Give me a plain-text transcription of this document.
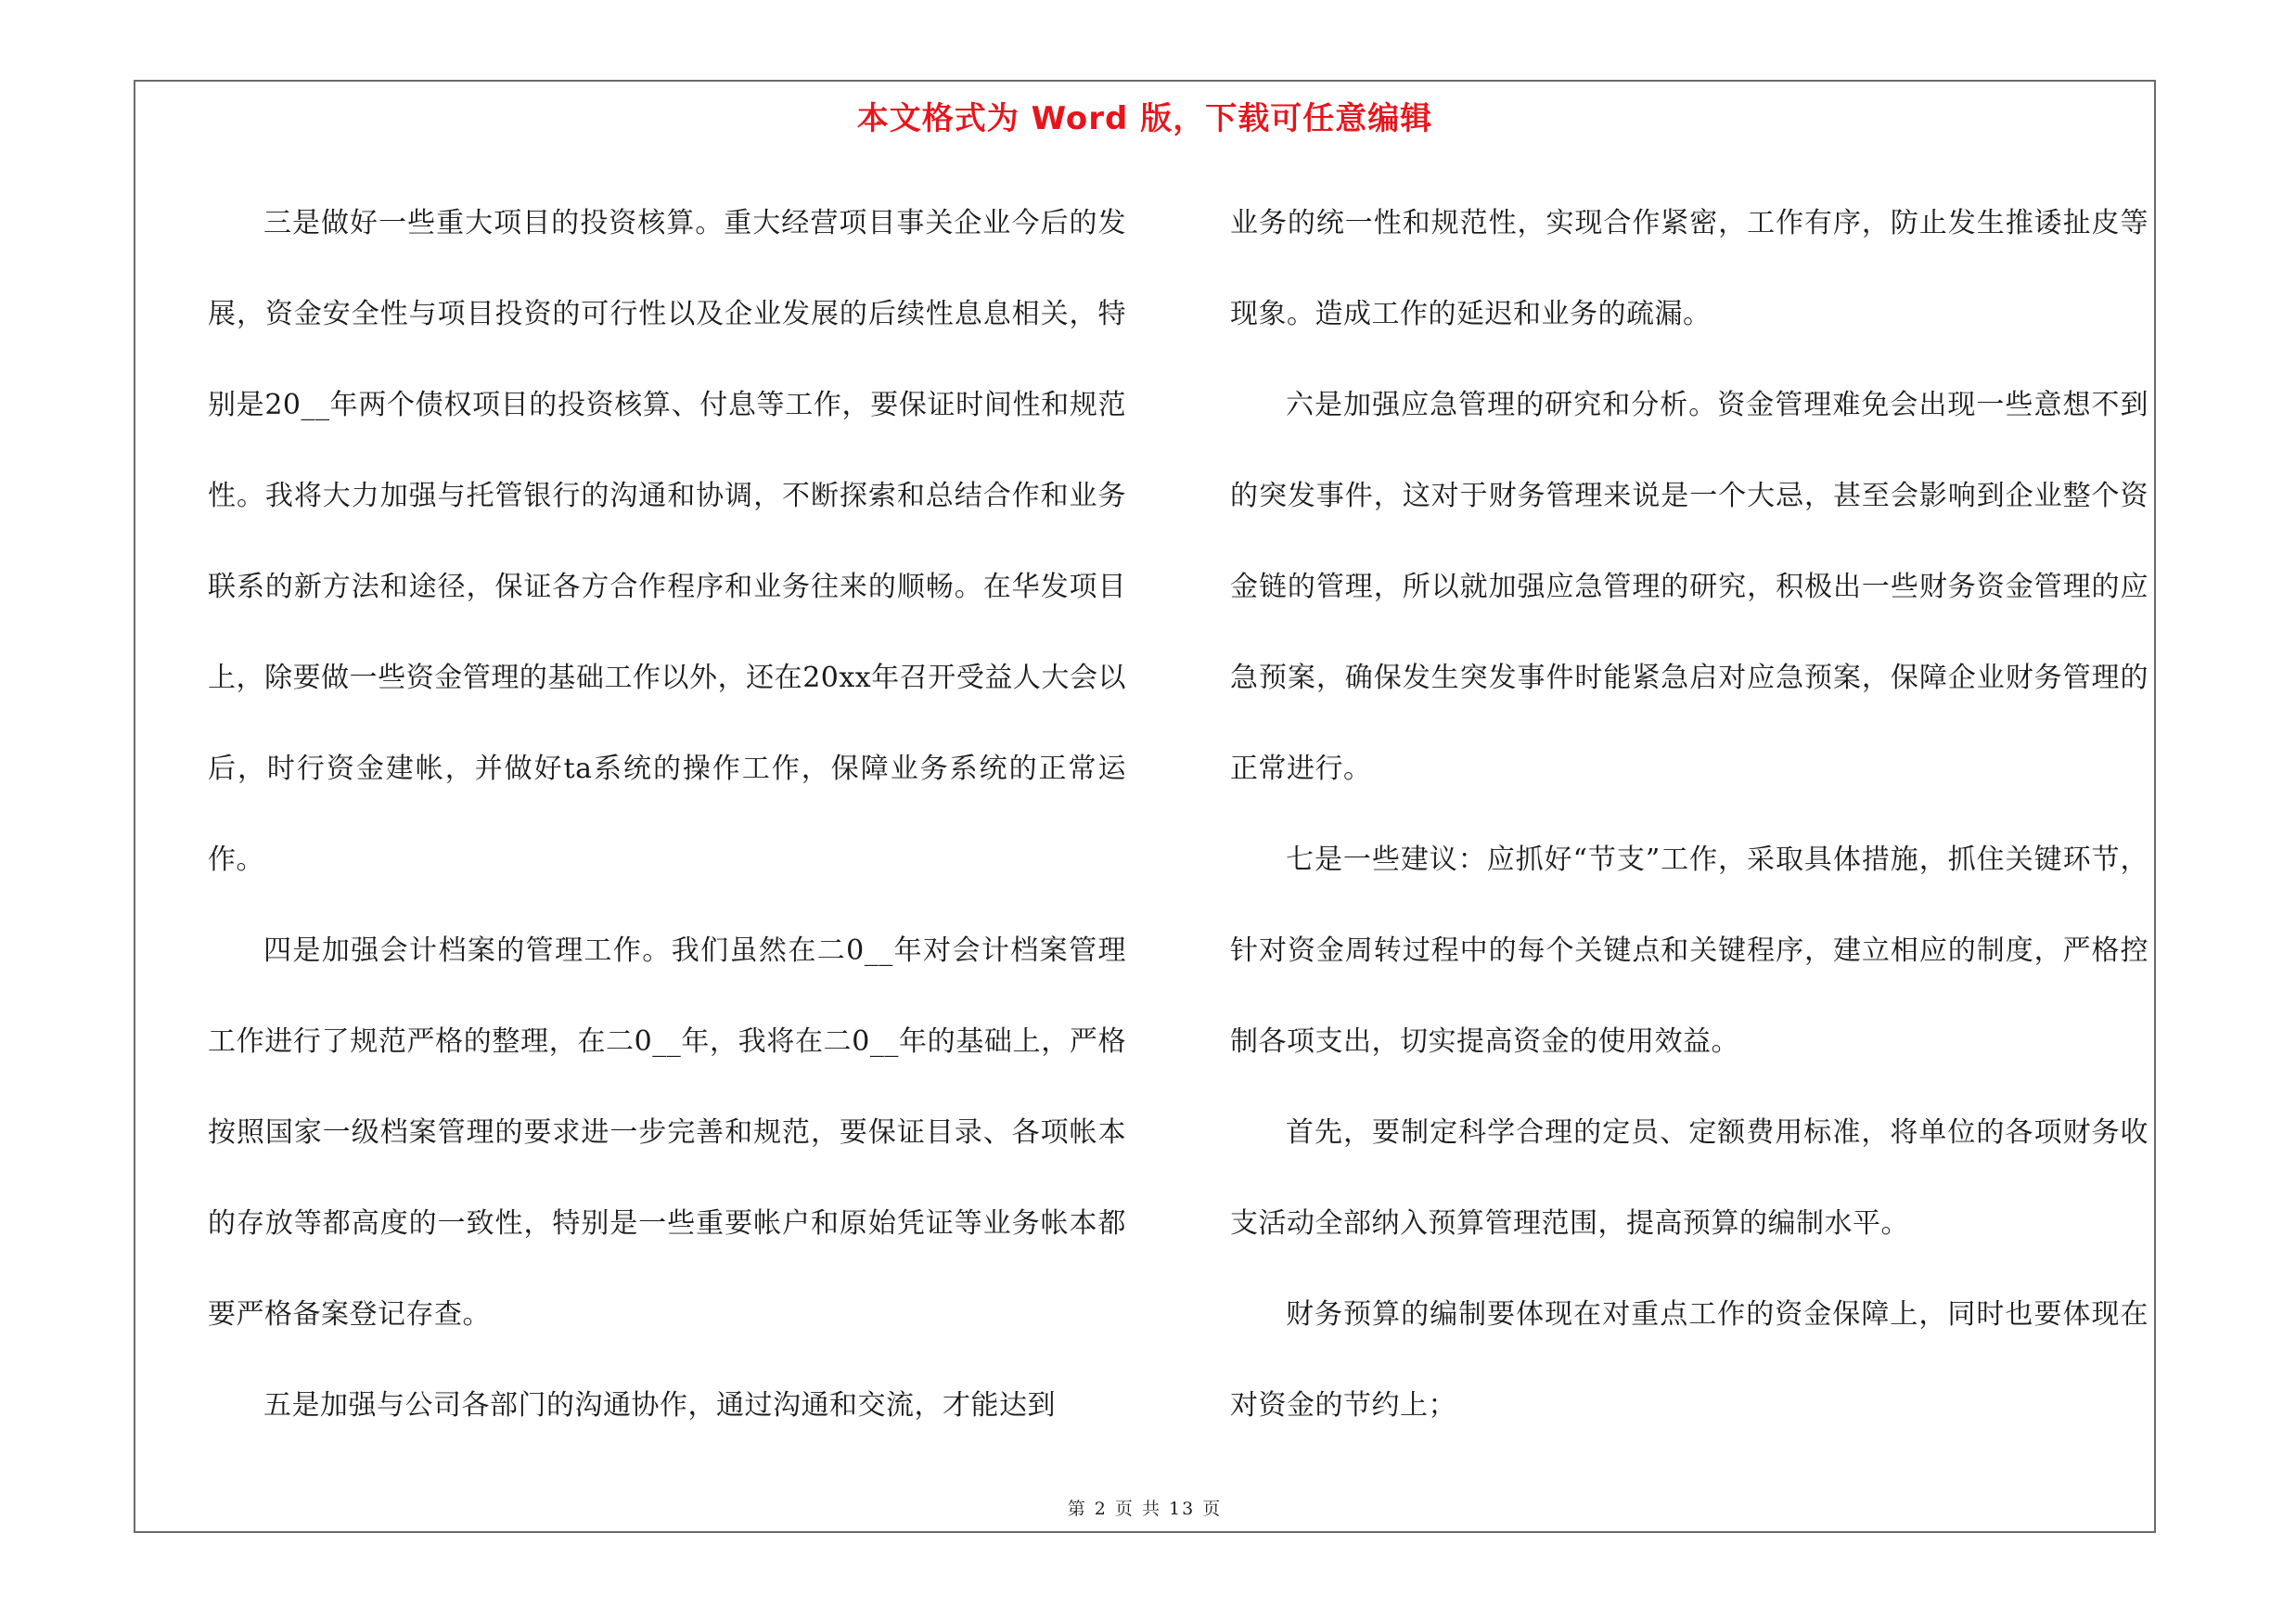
本文格式为 Word 版，下载可任意编辑

三是做好一些重大项目的投资核算。重大经营项目事关企业今后的发展，资金安全性与项目投资的可行性以及企业发展的后续性息息相关，特别是20__年两个债权项目的投资核算、付息等工作，要保证时间性和规范性。我将大力加强与托管银行的沟通和协调，不断探索和总结合作和业务联系的新方法和途径，保证各方合作程序和业务往来的顺畅。在华发项目上，除要做一些资金管理的基础工作以外，还在20xx年召开受益人大会以后，时行资金建帐，并做好ta系统的操作工作，保障业务系统的正常运作。

四是加强会计档案的管理工作。我们虽然在二0__年对会计档案管理工作进行了规范严格的整理，在二0__年，我将在二0__年的基础上，严格按照国家一级档案管理的要求进一步完善和规范，要保证目录、各项帐本的存放等都高度的一致性，特别是一些重要帐户和原始凭证等业务帐本都要严格备案登记存查。

五是加强与公司各部门的沟通协作，通过沟通和交流，才能达到

业务的统一性和规范性，实现合作紧密，工作有序，防止发生推诿扯皮等现象。造成工作的延迟和业务的疏漏。

六是加强应急管理的研究和分析。资金管理难免会出现一些意想不到的突发事件，这对于财务管理来说是一个大忌，甚至会影响到企业整个资金链的管理，所以就加强应急管理的研究，积极出一些财务资金管理的应急预案，确保发生突发事件时能紧急启对应急预案，保障企业财务管理的正常进行。

七是一些建议：应抓好“节支”工作，采取具体措施，抓住关键环节，针对资金周转过程中的每个关键点和关键程序，建立相应的制度，严格控制各项支出，切实提高资金的使用效益。

首先，要制定科学合理的定员、定额费用标准，将单位的各项财务收支活动全部纳入预算管理范围，提高预算的编制水平。

财务预算的编制要体现在对重点工作的资金保障上，同时也要体现在对资金的节约上；

第 2 页 共 13 页
